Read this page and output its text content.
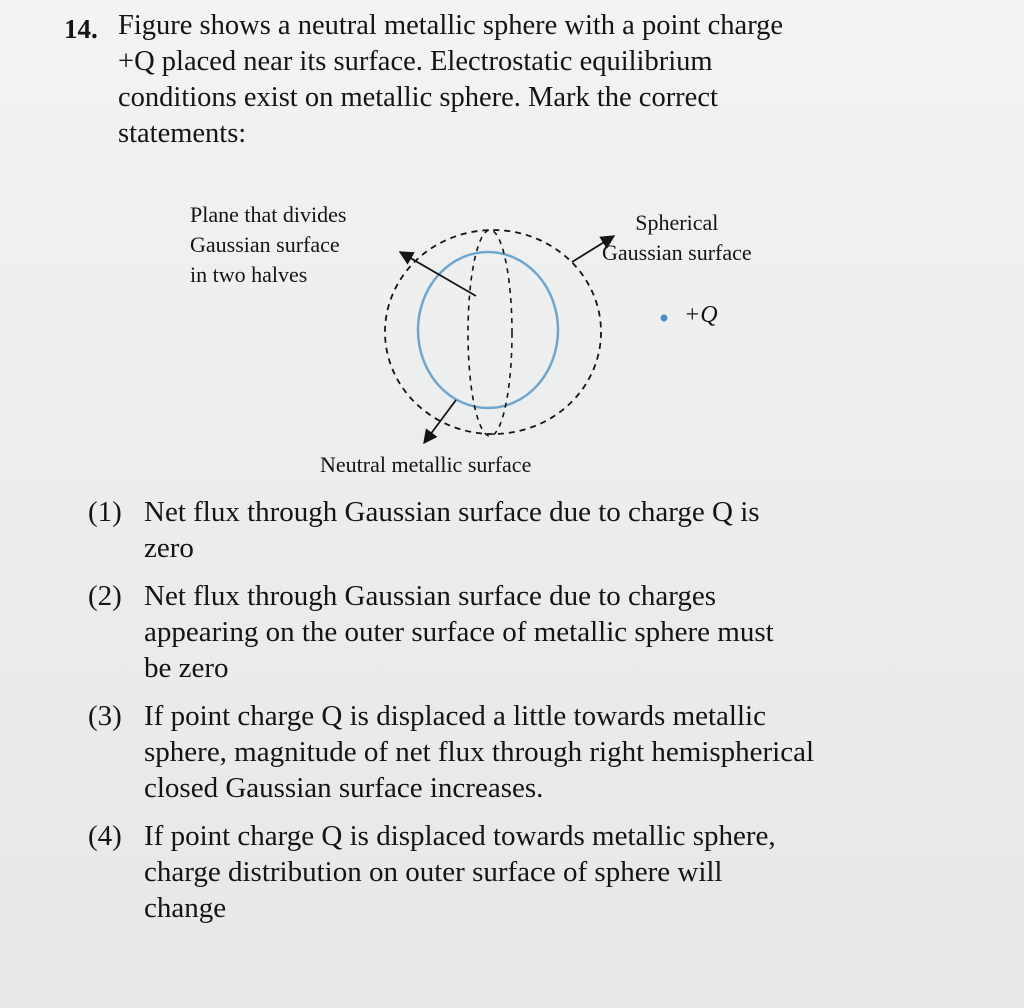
14. Figure shows a neutral metallic sphere with a point charge
+Q placed near its surface. Electrostatic equilibrium
conditions exist on metallic sphere. Mark the correct
statements:

Plane that divides
Gaussian surface
in two halves
Spherical
Gaussian surface
+Q
Neutral metallic surface
(1) Net flux through Gaussian surface due to charge Q is
zero
(2) Net flux through Gaussian surface due to charges
appearing on the outer surface of metallic sphere must
be zero
(3) If point charge Q is displaced a little towards metallic
sphere, magnitude of net flux through right hemispherical
closed Gaussian surface increases.
(4) If point charge Q is displaced towards metallic sphere,
charge distribution on outer surface of sphere will
change
